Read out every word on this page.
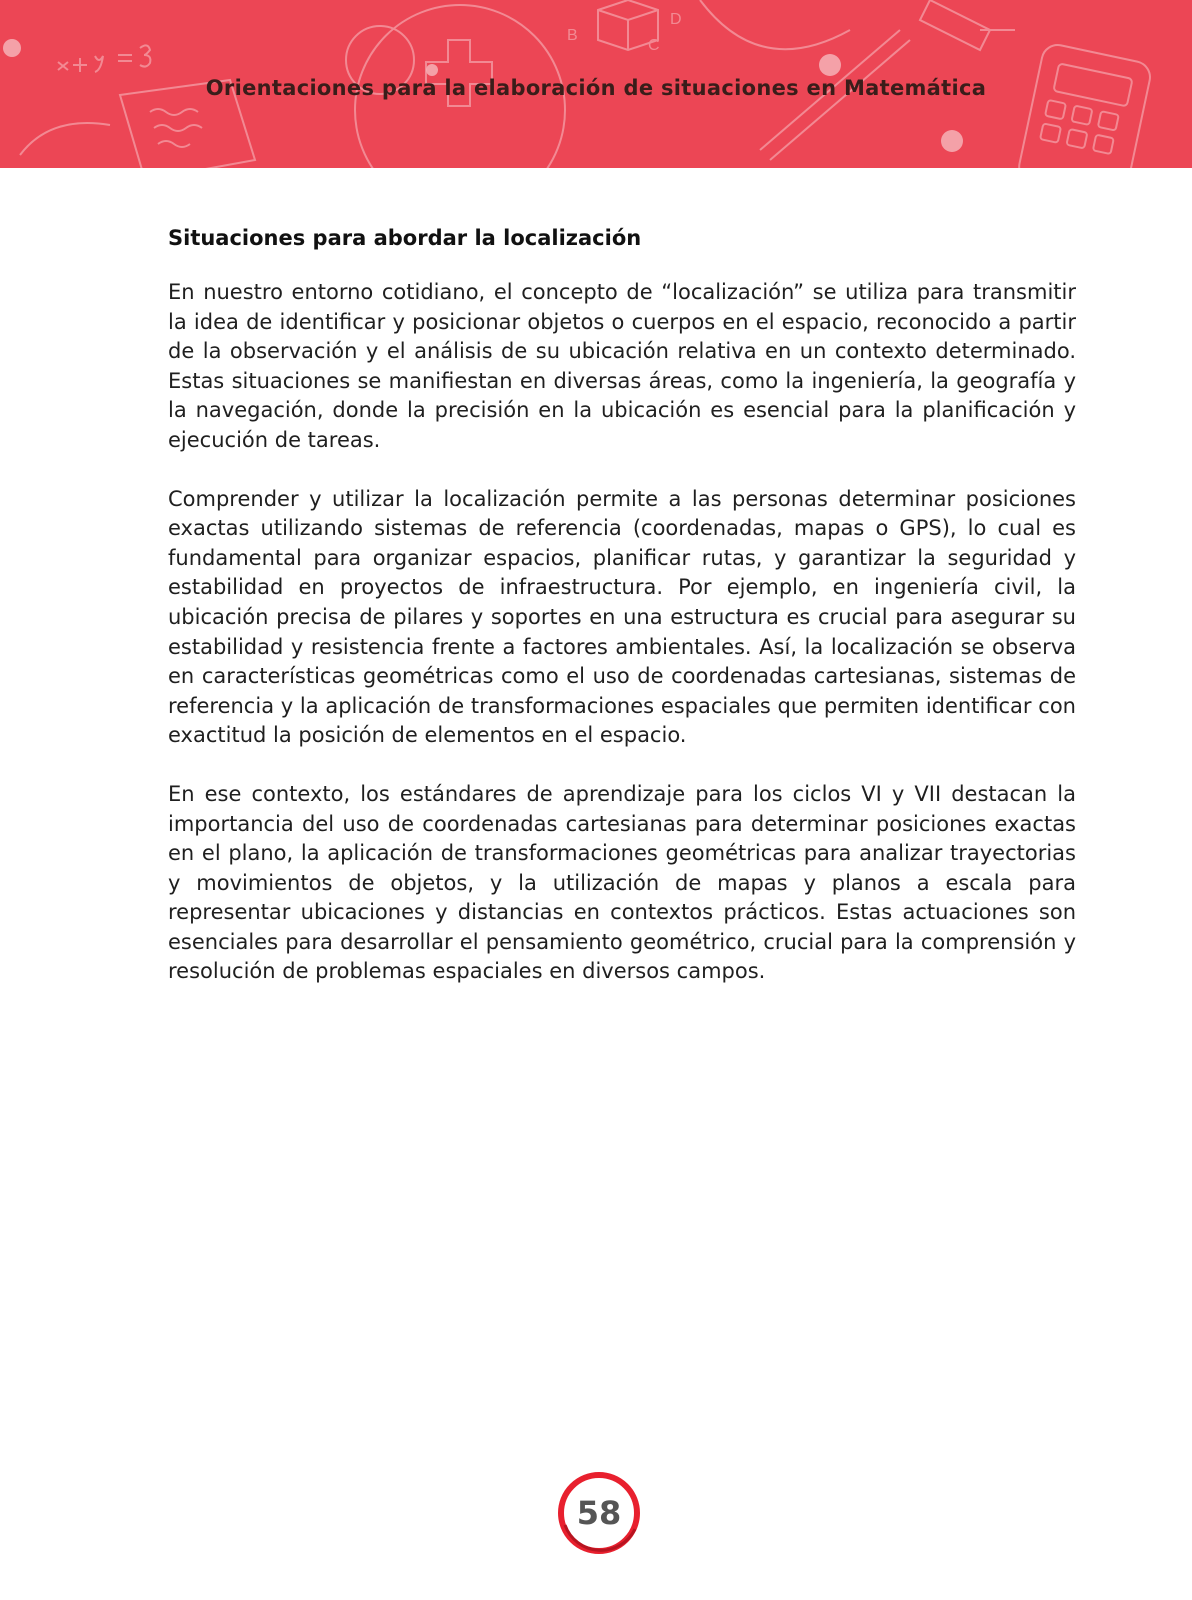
B
D
C
Orientaciones para la elaboración de situaciones en Matemática
Situaciones para abordar la localización

En nuestro entorno cotidiano, el concepto de “localización” se utiliza para transmitir la idea de identificar y posicionar objetos o cuerpos en el espacio, reconocido a partir de la observación y el análisis de su ubicación relativa en un contexto determinado. Estas situaciones se manifiestan en diversas áreas, como la ingeniería, la geografía y la navegación, donde la precisión en la ubicación es esencial para la planificación y ejecución de tareas.

Comprender y utilizar la localización permite a las personas determinar posiciones exactas utilizando sistemas de referencia (coordenadas, mapas o GPS), lo cual es fundamental para organizar espacios, planificar rutas, y garantizar la seguridad y estabilidad en proyectos de infraestructura. Por ejemplo, en ingeniería civil, la ubicación precisa de pilares y soportes en una estructura es crucial para asegurar su estabilidad y resistencia frente a factores ambientales. Así, la localización se observa en características geométricas como el uso de coordenadas cartesianas, sistemas de referencia y la aplicación de transformaciones espaciales que permiten identificar con exactitud la posición de elementos en el espacio.

En ese contexto, los estándares de aprendizaje para los ciclos VI y VII destacan la importancia del uso de coordenadas cartesianas para determinar posiciones exactas en el plano, la aplicación de transformaciones geométricas para analizar trayectorias y movimientos de objetos, y la utilización de mapas y planos a escala para representar ubicaciones y distancias en contextos prácticos. Estas actuaciones son esenciales para desarrollar el pensamiento geométrico, crucial para la comprensión y resolución de problemas espaciales en diversos campos.

58
